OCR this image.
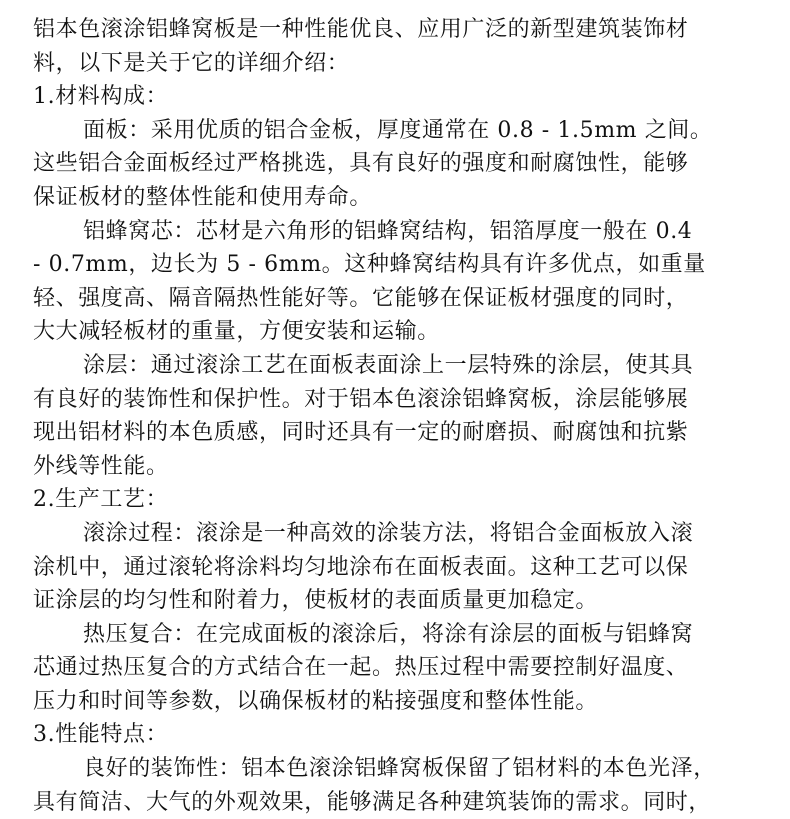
铝本色滚涂铝蜂窝板是一种性能优良、应用广泛的新型建筑装饰材
料，以下是关于它的详细介绍：
1.材料构成：
面板：采用优质的铝合金板，厚度通常在 0.8 - 1.5mm 之间。
这些铝合金面板经过严格挑选，具有良好的强度和耐腐蚀性，能够
保证板材的整体性能和使用寿命。
铝蜂窝芯：芯材是六角形的铝蜂窝结构，铝箔厚度一般在 0.4
- 0.7mm，边长为 5 - 6mm。这种蜂窝结构具有许多优点，如重量
轻、强度高、隔音隔热性能好等。它能够在保证板材强度的同时，
大大减轻板材的重量，方便安装和运输。
涂层：通过滚涂工艺在面板表面涂上一层特殊的涂层，使其具
有良好的装饰性和保护性。对于铝本色滚涂铝蜂窝板，涂层能够展
现出铝材料的本色质感，同时还具有一定的耐磨损、耐腐蚀和抗紫
外线等性能。
2.生产工艺：
滚涂过程：滚涂是一种高效的涂装方法，将铝合金面板放入滚
涂机中，通过滚轮将涂料均匀地涂布在面板表面。这种工艺可以保
证涂层的均匀性和附着力，使板材的表面质量更加稳定。
热压复合：在完成面板的滚涂后，将涂有涂层的面板与铝蜂窝
芯通过热压复合的方式结合在一起。热压过程中需要控制好温度、
压力和时间等参数，以确保板材的粘接强度和整体性能。
3.性能特点：
良好的装饰性：铝本色滚涂铝蜂窝板保留了铝材料的本色光泽，
具有简洁、大气的外观效果，能够满足各种建筑装饰的需求。同时，
